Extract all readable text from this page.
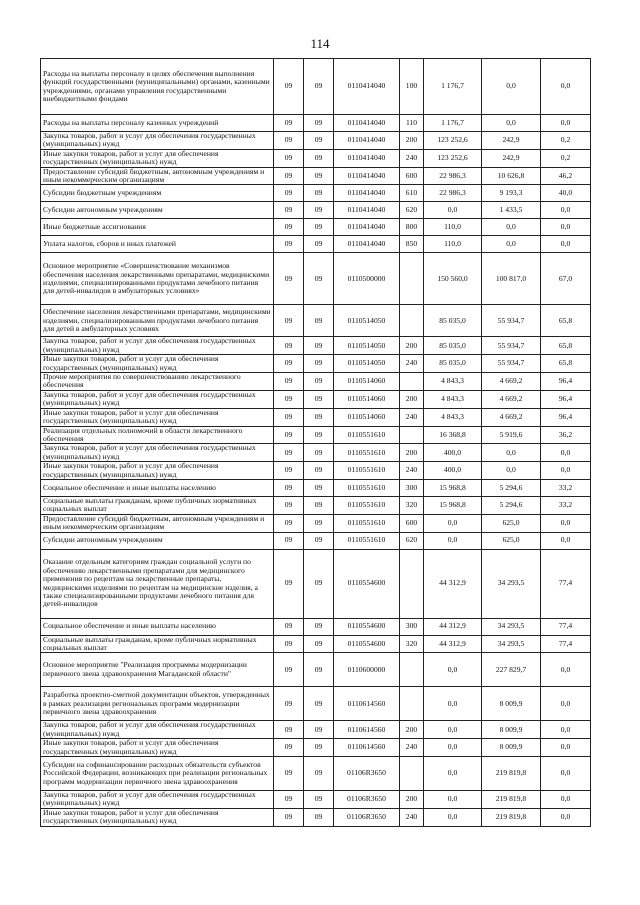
114
Расходы на выплаты персоналу в целях обеспечения выполнения функций государственными (муниципальными) органами, казенными учреждениями, органами управления государственными внебюджетными фондами	09	09	0110414040	100	1 176,7	0,0	0,0
Расходы на выплаты персоналу казенных учреждений	09	09	0110414040	110	1 176,7	0,0	0,0
Закупка товаров, работ и услуг для обеспечения государственных (муниципальных) нужд	09	09	0110414040	200	123 252,6	242,9	0,2
Иные закупки товаров, работ и услуг для обеспечения государственных (муниципальных) нужд	09	09	0110414040	240	123 252,6	242,9	0,2
Предоставление субсидий бюджетным, автономным учреждениям и иным некоммерческим организациям	09	09	0110414040	600	22 986,3	10 626,8	46,2
Субсидии бюджетным учреждениям	09	09	0110414040	610	22 986,3	9 193,3	40,0
Субсидии автономным учреждениям	09	09	0110414040	620	0,0	1 433,5	0,0
Иные бюджетные ассигнования	09	09	0110414040	800	110,0	0,0	0,0
Уплата налогов, сборов и иных платежей	09	09	0110414040	850	110,0	0,0	0,0
Основное мероприятие «Совершенствование механизмов обеспечения населения лекарственными препаратами, медицинскими изделиями, специализированными продуктами лечебного питания для детей-инвалидов в амбулаторных условиях»	09	09	0110500000		150 560,0	100 817,0	67,0
Обеспечение населения лекарственными препаратами, медицинскими изделиями, специализированными продуктами лечебного питания для детей в амбулаторных условиях	09	09	0110514050		85 035,0	55 934,7	65,8
Закупка товаров, работ и услуг для обеспечения государственных (муниципальных) нужд	09	09	0110514050	200	85 035,0	55 934,7	65,8
Иные закупки товаров, работ и услуг для обеспечения государственных (муниципальных) нужд	09	09	0110514050	240	85 035,0	55 934,7	65,8
Прочие мероприятия по совершенствованию лекарственного обеспечения	09	09	0110514060		4 843,3	4 669,2	96,4
Закупка товаров, работ и услуг для обеспечения государственных (муниципальных) нужд	09	09	0110514060	200	4 843,3	4 669,2	96,4
Иные закупки товаров, работ и услуг для обеспечения государственных (муниципальных) нужд	09	09	0110514060	240	4 843,3	4 669,2	96,4
Реализация отдельных полномочий в области лекарственного обеспечения	09	09	0110551610		16 368,8	5 919,6	36,2
Закупка товаров, работ и услуг для обеспечения государственных (муниципальных) нужд	09	09	0110551610	200	400,0	0,0	0,0
Иные закупки товаров, работ и услуг для обеспечения государственных (муниципальных) нужд	09	09	0110551610	240	400,0	0,0	0,0
Социальное обеспечение и иные выплаты населению	09	09	0110551610	300	15 968,8	5 294,6	33,2
Социальные выплаты гражданам, кроме публичных нормативных социальных выплат	09	09	0110551610	320	15 968,8	5 294,6	33,2
Предоставление субсидий бюджетным, автономным учреждениям и иным некоммерческим организациям	09	09	0110551610	600	0,0	625,0	0,0
Субсидии автономным учреждениям	09	09	0110551610	620	0,0	625,0	0,0
Оказание отдельным категориям граждан социальной услуги по обеспечению лекарственными препаратами для медицинского применения по рецептам на лекарственные препараты, медицинскими изделиями по рецептам на медицинские изделия, а также специализированными продуктами лечебного питания для детей-инвалидов	09	09	0110554600		44 312,9	34 293,5	77,4
Социальное обеспечение и иные выплаты населению	09	09	0110554600	300	44 312,9	34 293,5	77,4
Социальные выплаты гражданам, кроме публичных нормативных социальных выплат	09	09	0110554600	320	44 312,9	34 293,5	77,4
Основное мероприятие "Реализация программы модернизации первичного звена здравоохранения Магаданской области"	09	09	0110600000		0,0	227 829,7	0,0
Разработка проектно-сметной документации объектов, утвержденных в рамках реализации региональных программ модернизации первичного звена здравоохранения	09	09	0110614560		0,0	8 009,9	0,0
Закупка товаров, работ и услуг для обеспечения государственных (муниципальных) нужд	09	09	0110614560	200	0,0	8 009,9	0,0
Иные закупки товаров, работ и услуг для обеспечения государственных (муниципальных) нужд	09	09	0110614560	240	0,0	8 009,9	0,0
Субсидии на софинансирование расходных обязательств субъектов Российской Федерации, возникающих при реализации региональных программ модернизации первичного звена здравоохранения	09	09	01106R3650		0,0	219 819,8	0,0
Закупка товаров, работ и услуг для обеспечения государственных (муниципальных) нужд	09	09	01106R3650	200	0,0	219 819,8	0,0
Иные закупки товаров, работ и услуг для обеспечения государственных (муниципальных) нужд	09	09	01106R3650	240	0,0	219 819,8	0,0
